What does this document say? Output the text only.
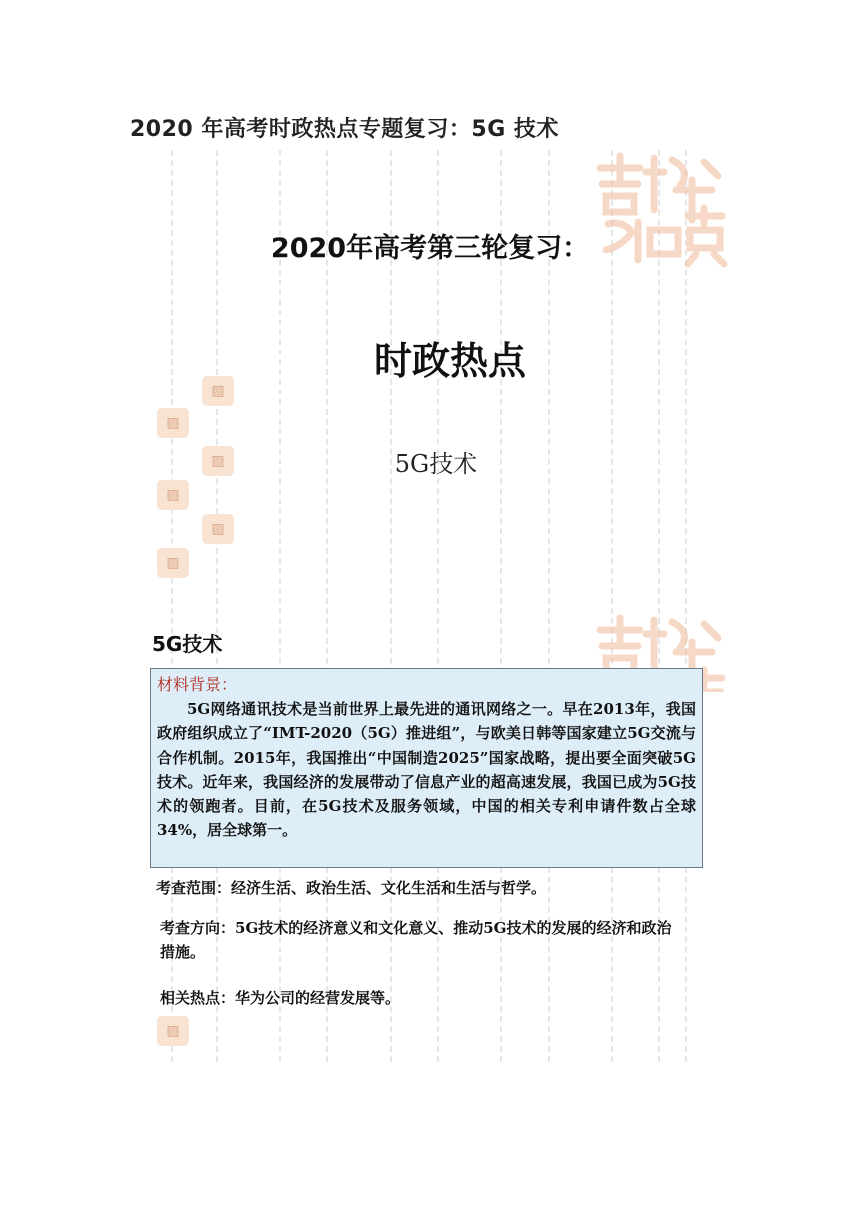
2020 年高考时政热点专题复习：5G 技术
▨
▨
▨
▨
▨
▨
▨
2020年高考第三轮复习：
时政热点
5G技术
5G技术
材料背景：

5G网络通讯技术是当前世界上最先进的通讯网络之一。早在2013年，我国政府组织成立了“IMT-2020（5G）推进组”，与欧美日韩等国家建立5G交流与合作机制。2015年，我国推出“中国制造2025”国家战略，提出要全面突破5G技术。近年来，我国经济的发展带动了信息产业的超高速发展，我国已成为5G技术的领跑者。目前，在5G技术及服务领域，中国的相关专利申请件数占全球34%，居全球第一。

考查范围：经济生活、政治生活、文化生活和生活与哲学。
考查方向：5G技术的经济意义和文化意义、推动5G技术的发展的经济和政治措施。
相关热点：华为公司的经营发展等。
